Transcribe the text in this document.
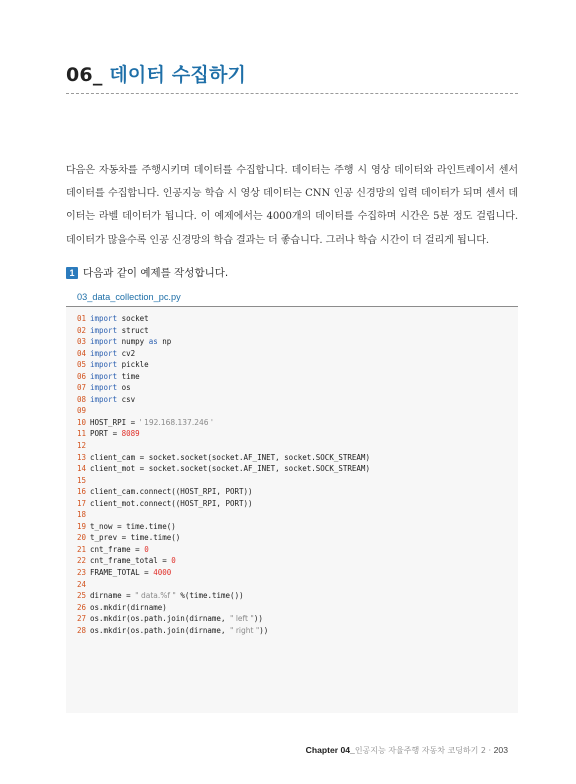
06_ 데이터 수집하기

다음은 자동차를 주행시키며 데이터를 수집합니다. 데이터는 주행 시 영상 데이터와 라인트레이서 센서 데이터를 수집합니다. 인공지능 학습 시 영상 데이터는 CNN 인공 신경망의 입력 데이터가 되며 센서 데이터는 라벨 데이터가 됩니다. 이 예제에서는 4000개의 데이터를 수집하며 시간은 5분 정도 걸립니다. 데이터가 많을수록 인공 신경망의 학습 결과는 더 좋습니다. 그러나 학습 시간이 더 걸리게 됩니다.

1 다음과 같이 예제를 작성합니다.
03_data_collection_pc.py
01 import socket
02 import struct
03 import numpy as np
04 import cv2
05 import pickle
06 import time
07 import os
08 import csv
09
10 HOST_RPI = ' 192.168.137.246 '
11 PORT = 8089
12
13 client_cam = socket.socket(socket.AF_INET, socket.SOCK_STREAM)
14 client_mot = socket.socket(socket.AF_INET, socket.SOCK_STREAM)
15
16 client_cam.connect((HOST_RPI, PORT))
17 client_mot.connect((HOST_RPI, PORT))
18
19 t_now = time.time()
20 t_prev = time.time()
21 cnt_frame = 0
22 cnt_frame_total = 0
23 FRAME_TOTAL = 4000
24
25 dirname = " data.%f " %(time.time())
26 os.mkdir(dirname)
27 os.mkdir(os.path.join(dirname, " left "))
28 os.mkdir(os.path.join(dirname, " right "))
Chapter 04_인공지능 자율주행 자동차 코딩하기 2 · 203
